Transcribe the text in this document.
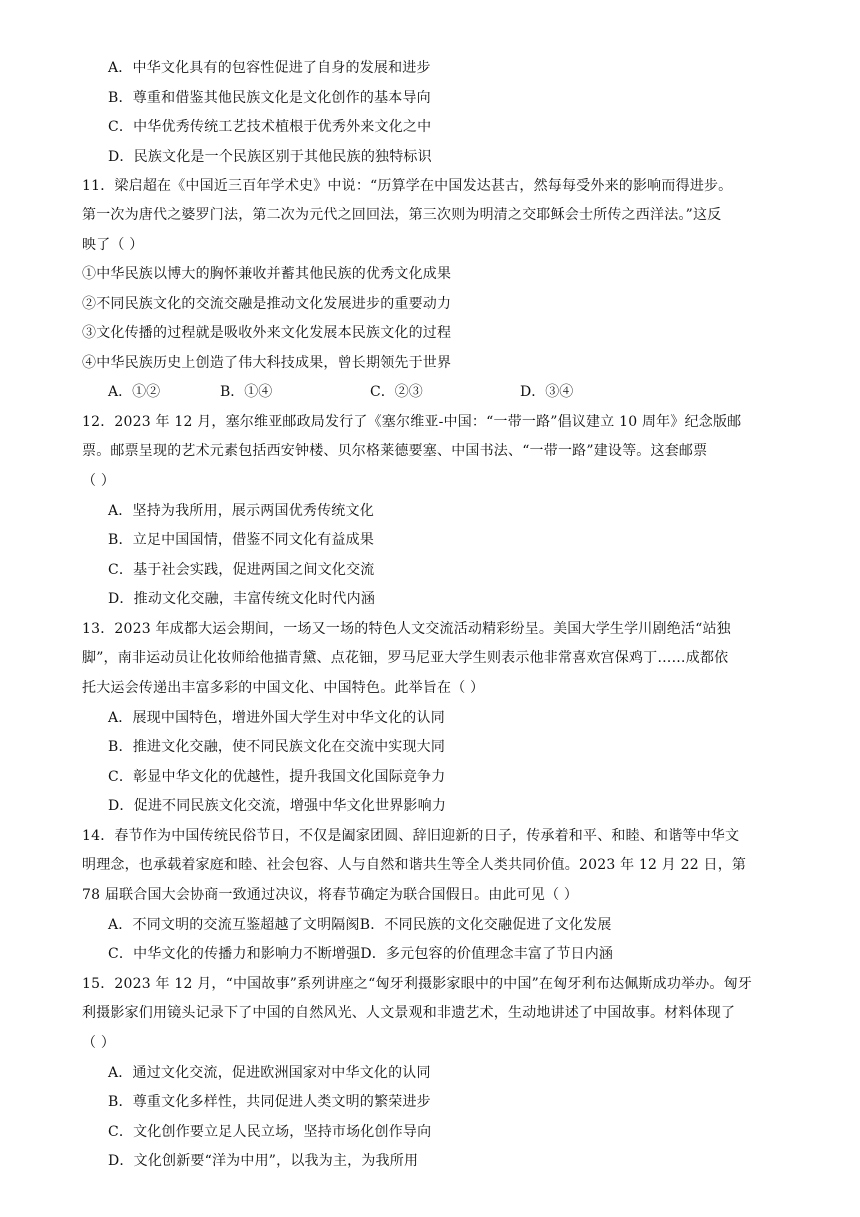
A．中华文化具有的包容性促进了自身的发展和进步
B．尊重和借鉴其他民族文化是文化创作的基本导向
C．中华优秀传统工艺技术植根于优秀外来文化之中
D．民族文化是一个民族区别于其他民族的独特标识
11．梁启超在《中国近三百年学术史》中说：“历算学在中国发达甚古，然每每受外来的影响而得进步。
第一次为唐代之婆罗门法，第二次为元代之回回法，第三次则为明清之交耶稣会士所传之西洋法。”这反
映了（ ）
①中华民族以博大的胸怀兼收并蓄其他民族的优秀文化成果
②不同民族文化的交流交融是推动文化发展进步的重要动力
③文化传播的过程就是吸收外来文化发展本民族文化的过程
④中华民族历史上创造了伟大科技成果，曾长期领先于世界
A．①②	B．①④	C．②③	D．③④
12．2023 年 12 月，塞尔维亚邮政局发行了《塞尔维亚-中国：“一带一路”倡议建立 10 周年》纪念版邮
票。邮票呈现的艺术元素包括西安钟楼、贝尔格莱德要塞、中国书法、“一带一路”建设等。这套邮票
（ ）
A．坚持为我所用，展示两国优秀传统文化
B．立足中国国情，借鉴不同文化有益成果
C．基于社会实践，促进两国之间文化交流
D．推动文化交融，丰富传统文化时代内涵
13．2023 年成都大运会期间，一场又一场的特色人文交流活动精彩纷呈。美国大学生学川剧绝活“站独
脚”，南非运动员让化妆师给他描青黛、点花钿，罗马尼亚大学生则表示他非常喜欢宫保鸡丁……成都依
托大运会传递出丰富多彩的中国文化、中国特色。此举旨在（ ）
A．展现中国特色，增进外国大学生对中华文化的认同
B．推进文化交融，使不同民族文化在交流中实现大同
C．彰显中华文化的优越性，提升我国文化国际竞争力
D．促进不同民族文化交流，增强中华文化世界影响力
14．春节作为中国传统民俗节日，不仅是阖家团圆、辞旧迎新的日子，传承着和平、和睦、和谐等中华文
明理念，也承载着家庭和睦、社会包容、人与自然和谐共生等全人类共同价值。2023 年 12 月 22 日，第
78 届联合国大会协商一致通过决议，将春节确定为联合国假日。由此可见（ ）
A．不同文明的交流互鉴超越了文明隔阂B．不同民族的文化交融促进了文化发展
C．中华文化的传播力和影响力不断增强D．多元包容的价值理念丰富了节日内涵
15．2023 年 12 月，“中国故事”系列讲座之“匈牙利摄影家眼中的中国”在匈牙利布达佩斯成功举办。匈牙
利摄影家们用镜头记录下了中国的自然风光、人文景观和非遗艺术，生动地讲述了中国故事。材料体现了
（ ）
A．通过文化交流，促进欧洲国家对中华文化的认同
B．尊重文化多样性，共同促进人类文明的繁荣进步
C．文化创作要立足人民立场，坚持市场化创作导向
D．文化创新要“洋为中用”，以我为主，为我所用
